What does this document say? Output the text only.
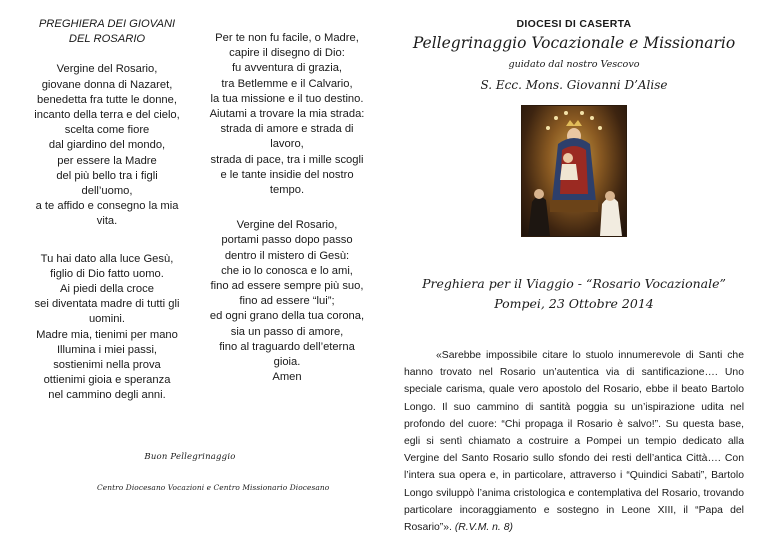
PREGHIERA DEI GIOVANI
DEL ROSARIO

Vergine del Rosario,

giovane donna di Nazaret,

benedetta fra tutte le donne,

incanto della terra e del cielo,

scelta come fiore

dal giardino del mondo,

per essere la Madre

del più bello tra i figli

dell’uomo,

a te affido e consegno la mia

vita.

Tu hai dato alla luce Gesù,

figlio di Dio fatto uomo.

Ai piedi della croce

sei diventata madre di tutti gli

uomini.

Madre mia, tienimi per mano

Illumina i miei passi,

sostienimi nella prova

ottienimi gioia e speranza

nel cammino degli anni.

Per te non fu facile, o Madre,

capire il disegno di Dio:

fu avventura di grazia,

tra Betlemme e il Calvario,

la tua missione e il tuo destino.

Aiutami a trovare la mia strada:

strada di amore e strada di

lavoro,

strada di pace, tra i mille scogli

e le tante insidie del nostro

tempo.

Vergine del Rosario,

portami passo dopo passo

dentro il mistero di Gesù:

che io lo conosca e lo ami,

fino ad essere sempre più suo,

fino ad essere “lui”;

ed ogni grano della tua corona,

sia un passo di amore,

fino al traguardo dell’eterna

gioia.

Amen

Buon Pellegrinaggio
Centro Diocesano Vocazioni e Centro Missionario Diocesano
DIOCESI DI CASERTA
Pellegrinaggio Vocazionale e Missionario
guidato dal nostro Vescovo
S. Ecc. Mons. Giovanni D’Alise
Preghiera per il Viaggio - “Rosario Vocazionale”
Pompei, 23 Ottobre 2014

«Sarebbe impossibile citare lo stuolo innumerevole di Santi che hanno trovato nel Rosario un’autentica via di santificazione…. Uno speciale carisma, quale vero apostolo del Rosario, ebbe il beato Bartolo Longo. Il suo cammino di santità poggia su un’ispirazione udita nel profondo del cuore: “Chi propaga il Rosario è salvo!”. Su questa base, egli si sentì chiamato a costruire a Pompei un tempio dedicato alla Vergine del Santo Rosario sullo sfondo dei resti dell’antica Città…. Con l’intera sua opera e, in particolare, attraverso i “Quindici Sabati”, Bartolo Longo sviluppò l’anima cristologica e contemplativa del Rosario, trovando particolare incoraggiamento e sostegno in Leone XIII, il “Papa del Rosario”». (R.V.M. n. 8)
